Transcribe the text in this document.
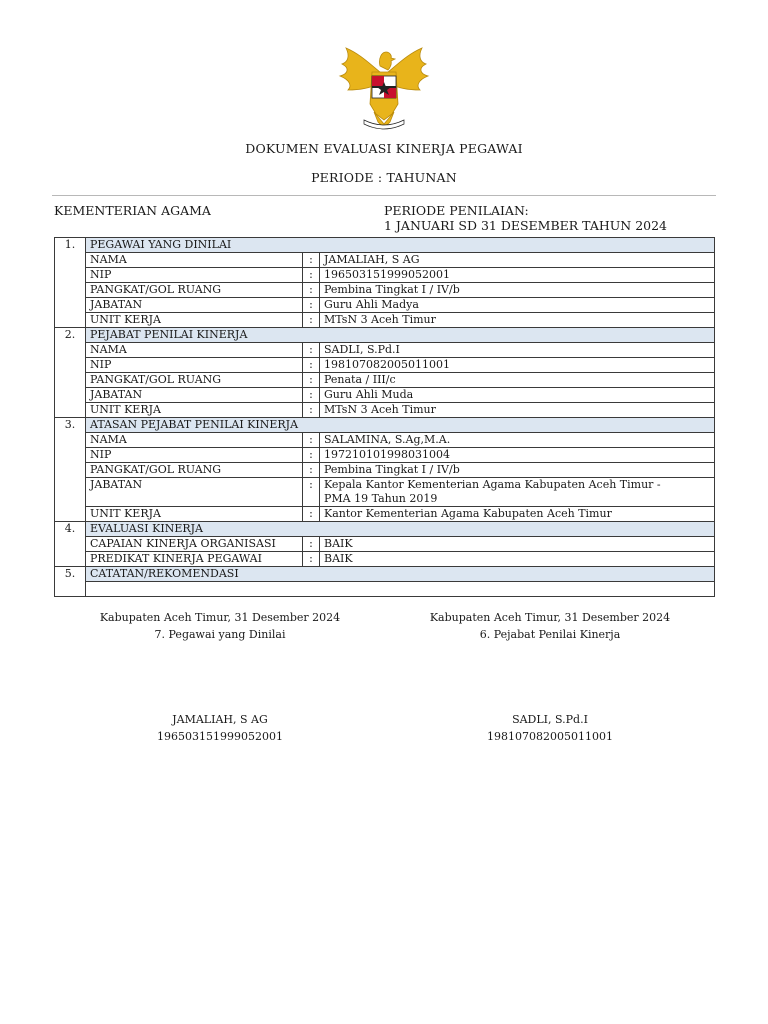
DOKUMEN EVALUASI KINERJA PEGAWAI
PERIODE : TAHUNAN
KEMENTERIAN AGAMA	PERIODE PENILAIAN:
1 JANUARI SD 31 DESEMBER TAHUN 2024
1.	PEGAWAI YANG DINILAI		
	NAMA	:	JAMALIAH, S AG
	NIP	:	196503151999052001
	PANGKAT/GOL RUANG	:	Pembina Tingkat I / IV/b
	JABATAN	:	Guru Ahli Madya
	UNIT KERJA	:	MTsN 3 Aceh Timur
2.	PEJABAT PENILAI KINERJA		
	NAMA	:	SADLI, S.Pd.I
	NIP	:	198107082005011001
	PANGKAT/GOL RUANG	:	Penata / III/c
	JABATAN	:	Guru Ahli Muda
	UNIT KERJA	:	MTsN 3 Aceh Timur
3.	ATASAN PEJABAT PENILAI KINERJA		
	NAMA	:	SALAMINA, S.Ag,M.A.
	NIP	:	197210101998031004
	PANGKAT/GOL RUANG	:	Pembina Tingkat I / IV/b
	JABATAN	:	Kepala Kantor Kementerian Agama Kabupaten Aceh Timur -
PMA 19 Tahun 2019

	UNIT KERJA	:	Kantor Kementerian Agama Kabupaten Aceh Timur
4.	EVALUASI KINERJA		
	CAPAIAN KINERJA ORGANISASI	:	BAIK
	PREDIKAT KINERJA PEGAWAI	:	BAIK
5.	CATATAN/REKOMENDASI		

Kabupaten Aceh Timur, 31 Desember 2024
7. Pegawai yang Dinilai
Kabupaten Aceh Timur, 31 Desember 2024
6. Pejabat Penilai Kinerja
JAMALIAH, S AG
196503151999052001
SADLI, S.Pd.I
198107082005011001
